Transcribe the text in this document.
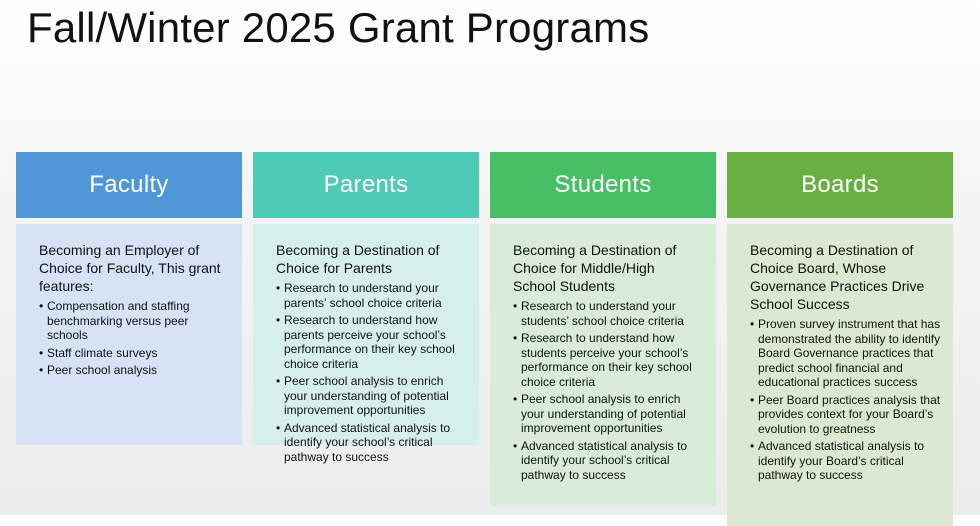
Fall/Winter 2025 Grant Programs
Faculty

Becoming an Employer of Choice for Faculty, This grant features:

• Compensation and staffing benchmarking versus peer schools
• Staff climate surveys
• Peer school analysis
Parents

Becoming a Destination of Choice for Parents

• Research to understand your parents’ school choice criteria
• Research to understand how parents perceive your school’s performance on their key school choice criteria
• Peer school analysis to enrich your understanding of potential improvement opportunities
• Advanced statistical analysis to identify your school’s critical pathway to success
Students

Becoming a Destination of Choice for Middle/High School Students

• Research to understand your students’ school choice criteria
• Research to understand how students perceive your school’s performance on their key school choice criteria
• Peer school analysis to enrich your understanding of potential improvement opportunities
• Advanced statistical analysis to identify your school’s critical pathway to success
Boards

Becoming a Destination of Choice Board, Whose Governance Practices Drive School Success

• Proven survey instrument that has demonstrated the ability to identify Board Governance practices that predict school financial and educational practices success
• Peer Board practices analysis that provides context for your Board’s evolution to greatness
• Advanced statistical analysis to identify your Board’s critical pathway to success
